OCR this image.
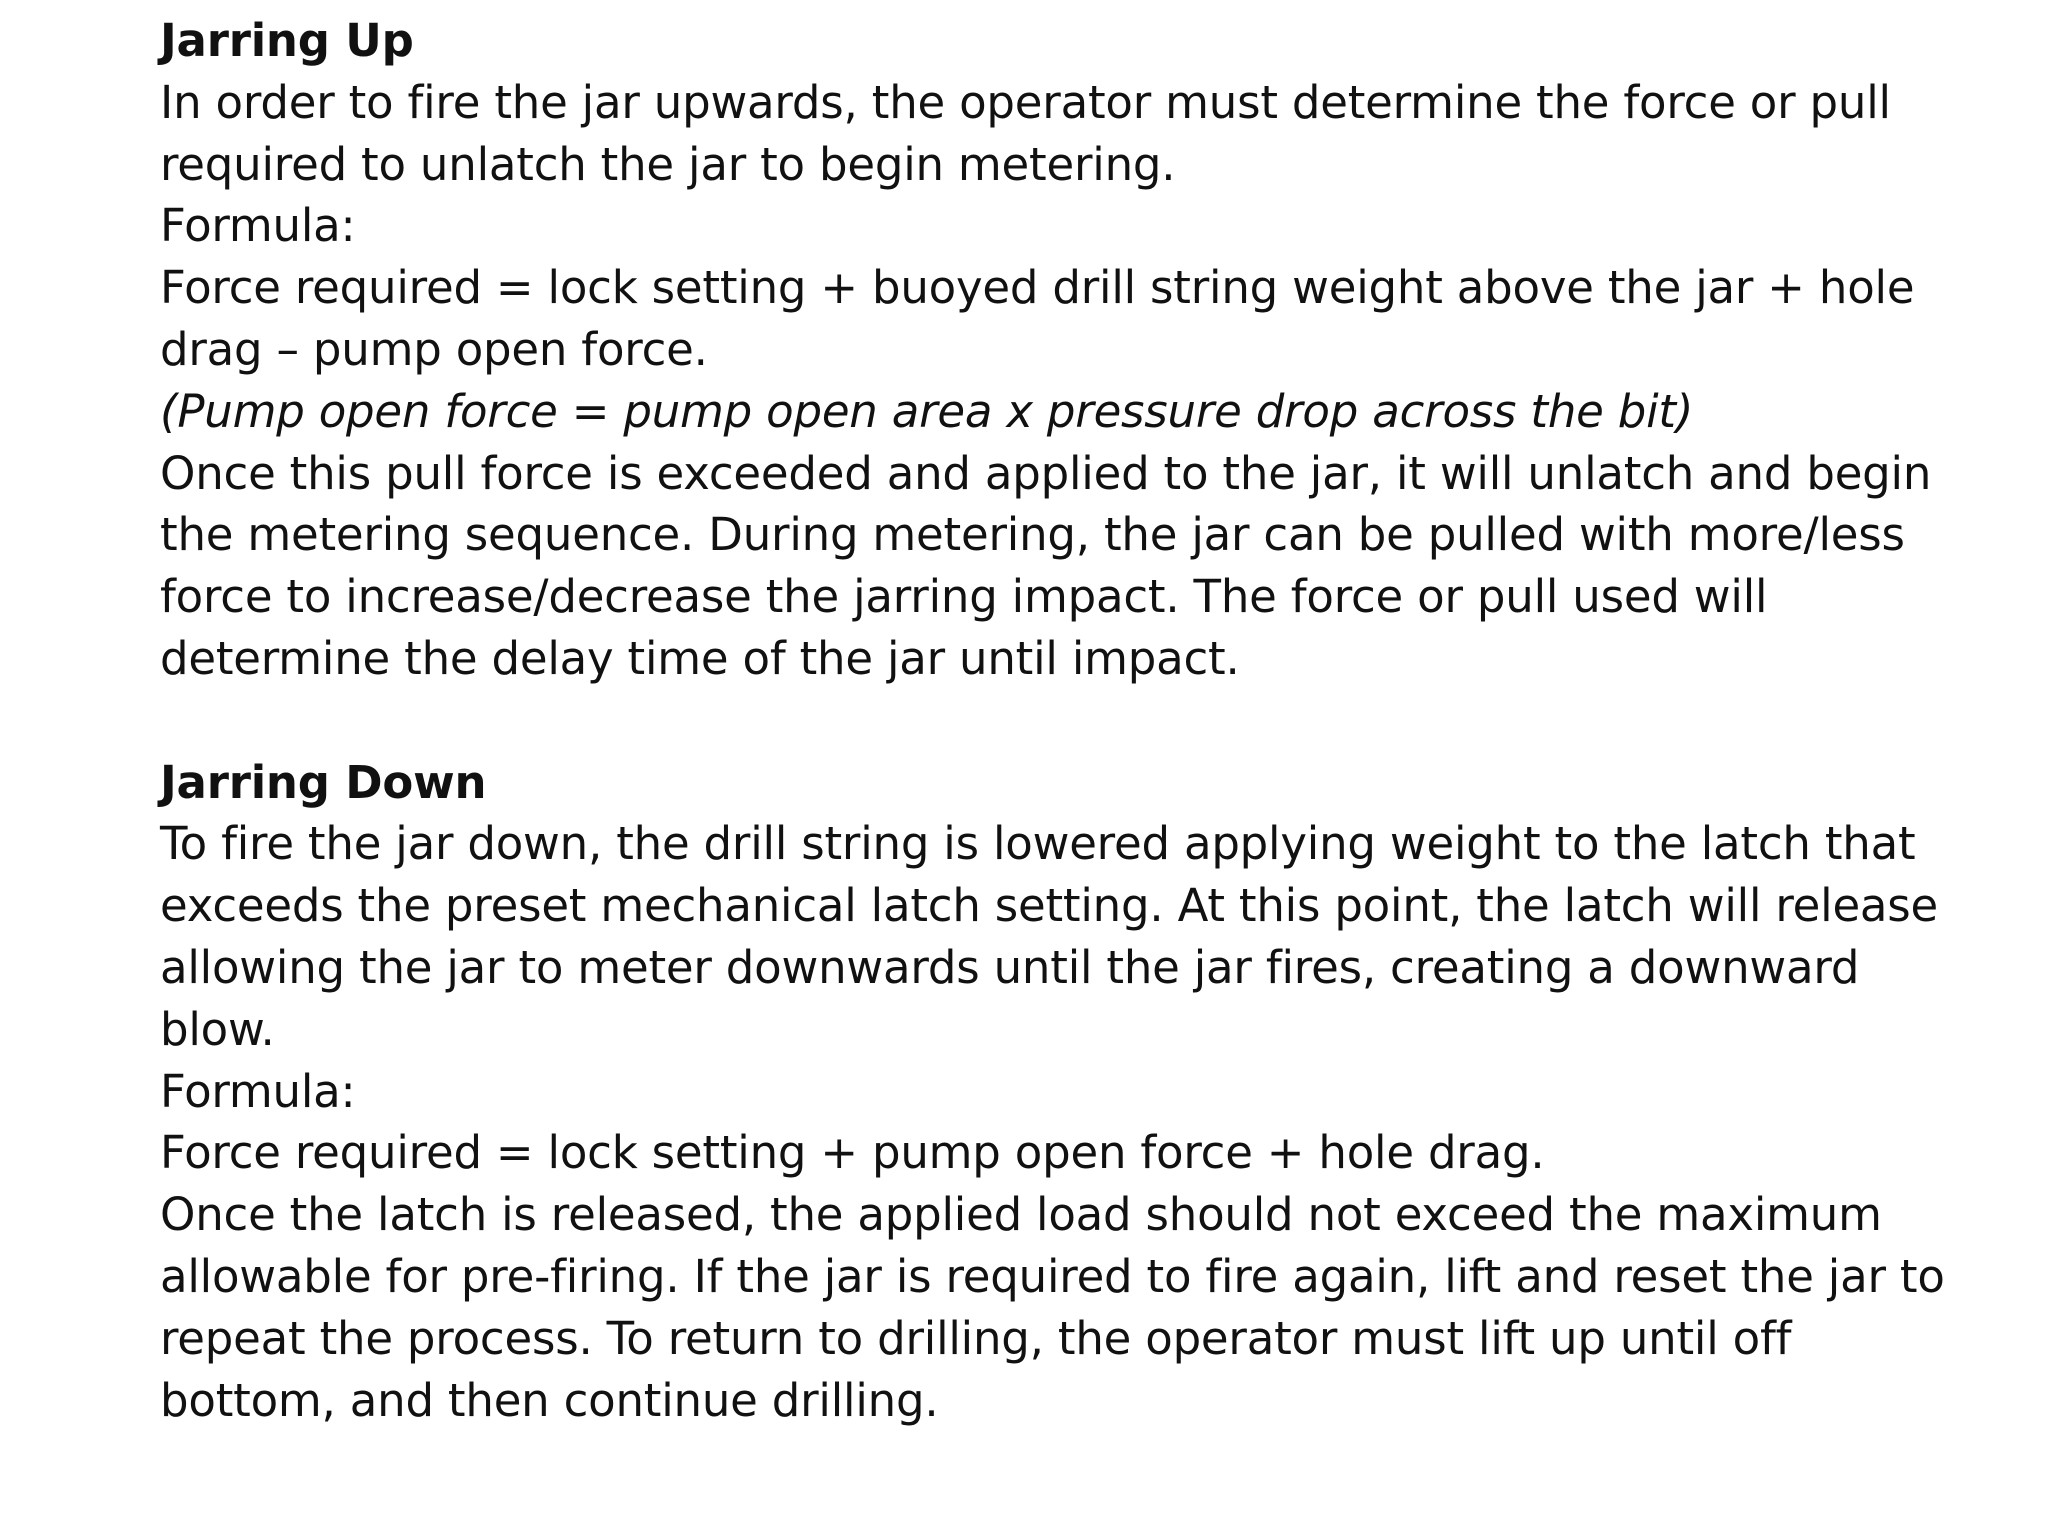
Jarring Up
In order to fire the jar upwards, the operator must determine the force or pull
required to unlatch the jar to begin metering.
Formula:
Force required = lock setting + buoyed drill string weight above the jar + hole
drag – pump open force.
(Pump open force = pump open area x pressure drop across the bit)
Once this pull force is exceeded and applied to the jar, it will unlatch and begin
the metering sequence. During metering, the jar can be pulled with more/less
force to increase/decrease the jarring impact. The force or pull used will
determine the delay time of the jar until impact.
Jarring Down
To fire the jar down, the drill string is lowered applying weight to the latch that
exceeds the preset mechanical latch setting. At this point, the latch will release
allowing the jar to meter downwards until the jar fires, creating a downward
blow.
Formula:
Force required = lock setting + pump open force + hole drag.
Once the latch is released, the applied load should not exceed the maximum
allowable for pre-firing. If the jar is required to fire again, lift and reset the jar to
repeat the process. To return to drilling, the operator must lift up until off
bottom, and then continue drilling.
